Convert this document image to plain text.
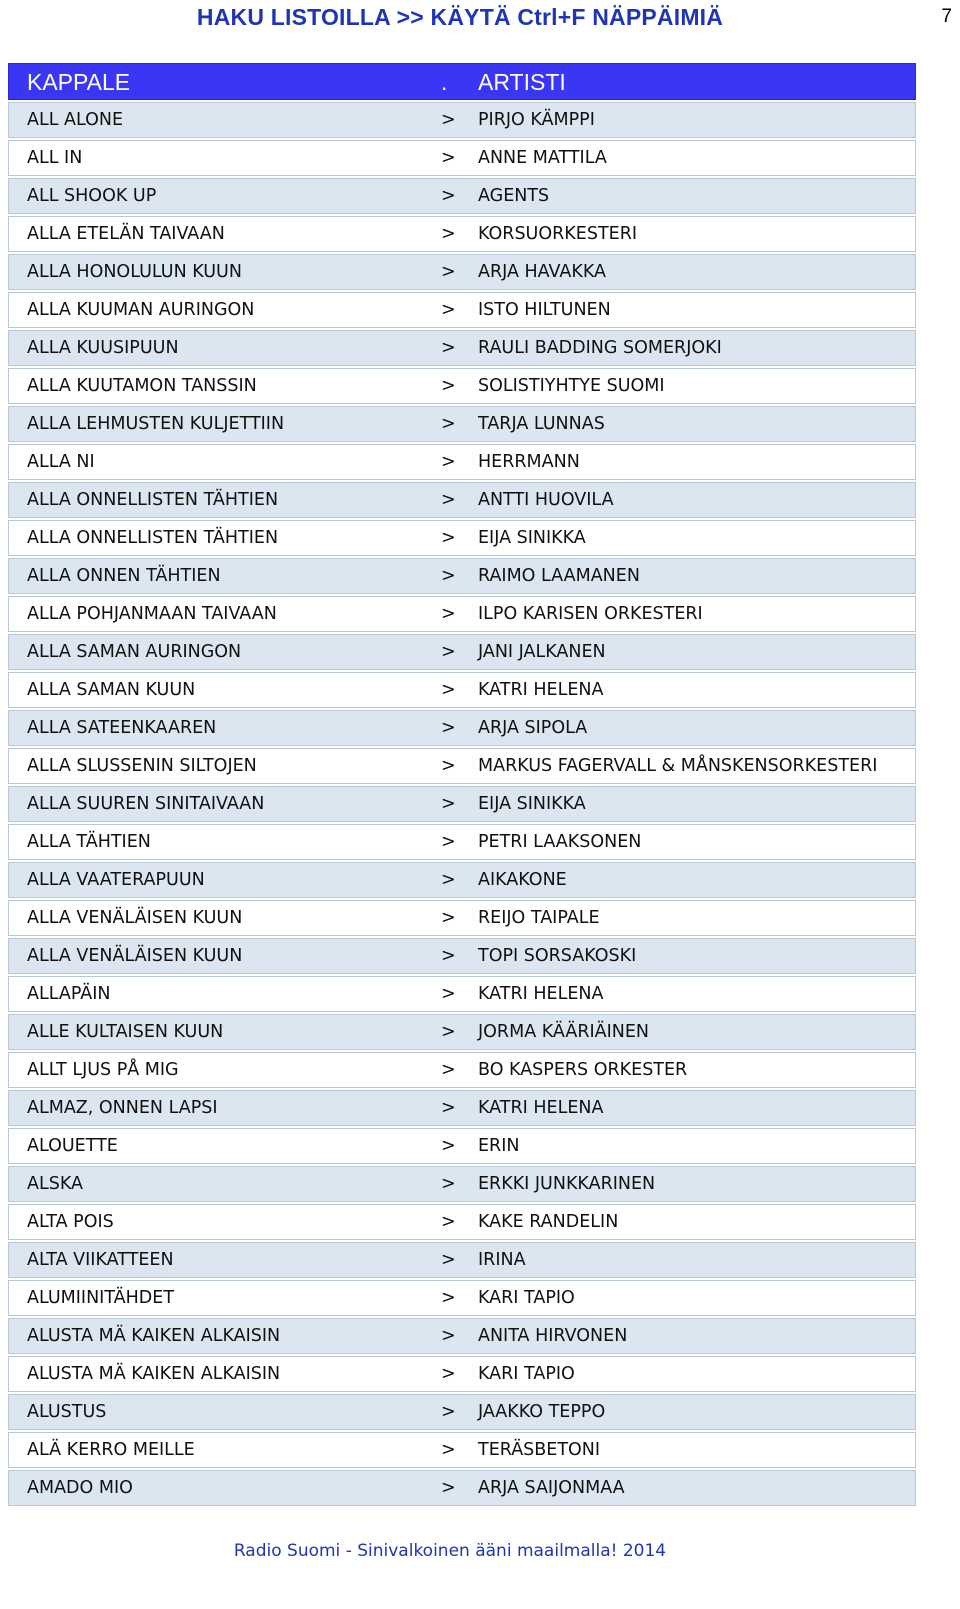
HAKU LISTOILLA >> KÄYTÄ Ctrl+F NÄPPÄIMIÄ	7
KAPPALE	. ARTISTI
ALL ALONE	> PIRJO KÄMPPI
ALL IN	> ANNE MATTILA
ALL SHOOK UP	> AGENTS
ALLA ETELÄN TAIVAAN	> KORSUORKESTERI
ALLA HONOLULUN KUUN	> ARJA HAVAKKA
ALLA KUUMAN AURINGON	> ISTO HILTUNEN
ALLA KUUSIPUUN	> RAULI BADDING SOMERJOKI
ALLA KUUTAMON TANSSIN	> SOLISTIYHTYE SUOMI
ALLA LEHMUSTEN KULJETTIIN	> TARJA LUNNAS
ALLA NI	> HERRMANN
ALLA ONNELLISTEN TÄHTIEN	> ANTTI HUOVILA
ALLA ONNELLISTEN TÄHTIEN	> EIJA SINIKKA
ALLA ONNEN TÄHTIEN	> RAIMO LAAMANEN
ALLA POHJANMAAN TAIVAAN	> ILPO KARISEN ORKESTERI
ALLA SAMAN AURINGON	> JANI JALKANEN
ALLA SAMAN KUUN	> KATRI HELENA
ALLA SATEENKAAREN	> ARJA SIPOLA
ALLA SLUSSENIN SILTOJEN	> MARKUS FAGERVALL & MÅNSKENSORKESTERI
ALLA SUUREN SINITAIVAAN	> EIJA SINIKKA
ALLA TÄHTIEN	> PETRI LAAKSONEN
ALLA VAATERAPUUN	> AIKAKONE
ALLA VENÄLÄISEN KUUN	> REIJO TAIPALE
ALLA VENÄLÄISEN KUUN	> TOPI SORSAKOSKI
ALLAPÄIN	> KATRI HELENA
ALLE KULTAISEN KUUN	> JORMA KÄÄRIÄINEN
ALLT LJUS PÅ MIG	> BO KASPERS ORKESTER
ALMAZ, ONNEN LAPSI	> KATRI HELENA
ALOUETTE	> ERIN
ALSKA	> ERKKI JUNKKARINEN
ALTA POIS	> KAKE RANDELIN
ALTA VIIKATTEEN	> IRINA
ALUMIINITÄHDET	> KARI TAPIO
ALUSTA MÄ KAIKEN ALKAISIN	> ANITA HIRVONEN
ALUSTA MÄ KAIKEN ALKAISIN	> KARI TAPIO
ALUSTUS	> JAAKKO TEPPO
ALÄ KERRO MEILLE	> TERÄSBETONI
AMADO MIO	> ARJA SAIJONMAA
Radio Suomi - Sinivalkoinen ääni maailmalla! 2014
